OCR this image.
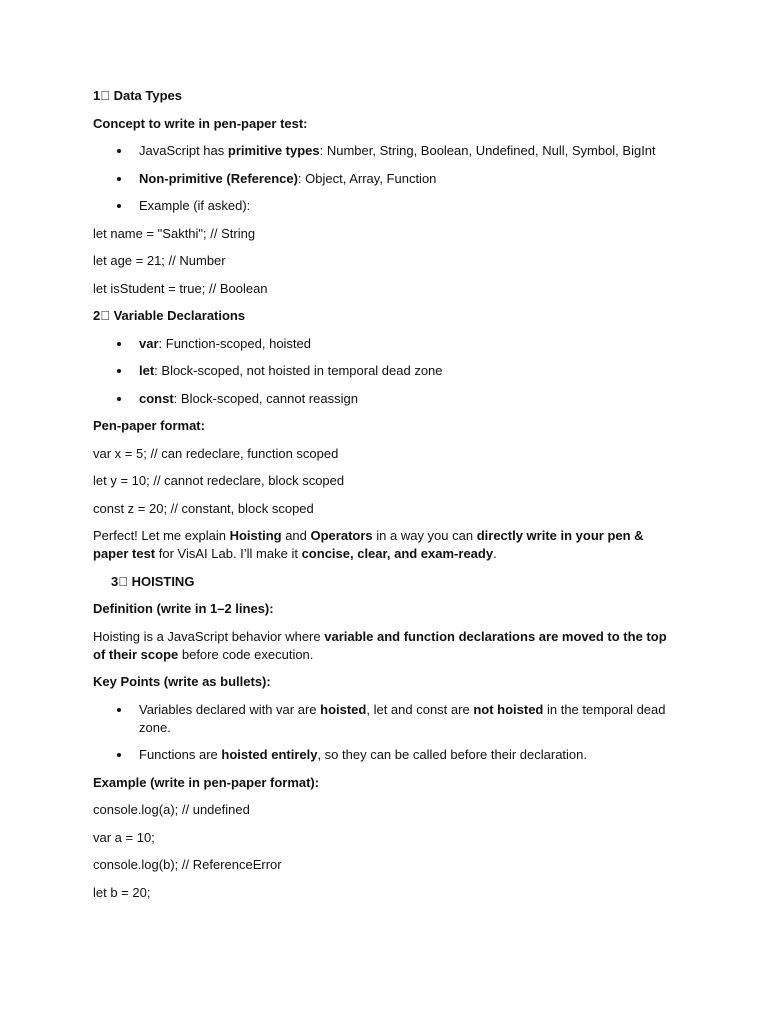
1⃣ Data Types

Concept to write in pen-paper test:

JavaScript has primitive types: Number, String, Boolean, Undefined, Null, Symbol, BigInt
Non-primitive (Reference): Object, Array, Function
Example (if asked):

let name = "Sakthi"; // String

let age = 21; // Number

let isStudent = true; // Boolean

2⃣ Variable Declarations

var: Function-scoped, hoisted
let: Block-scoped, not hoisted in temporal dead zone
const: Block-scoped, cannot reassign

Pen-paper format:

var x = 5; // can redeclare, function scoped

let y = 10; // cannot redeclare, block scoped

const z = 20; // constant, block scoped

Perfect! Let me explain Hoisting and Operators in a way you can directly write in your pen & paper test for VisAI Lab. I’ll make it concise, clear, and exam-ready.

3⃣ HOISTING

Definition (write in 1–2 lines):

Hoisting is a JavaScript behavior where variable and function declarations are moved to the top of their scope before code execution.

Key Points (write as bullets):

Variables declared with var are hoisted, let and const are not hoisted in the temporal dead zone.
Functions are hoisted entirely, so they can be called before their declaration.

Example (write in pen-paper format):

console.log(a); // undefined

var a = 10;

console.log(b); // ReferenceError

let b = 20;
